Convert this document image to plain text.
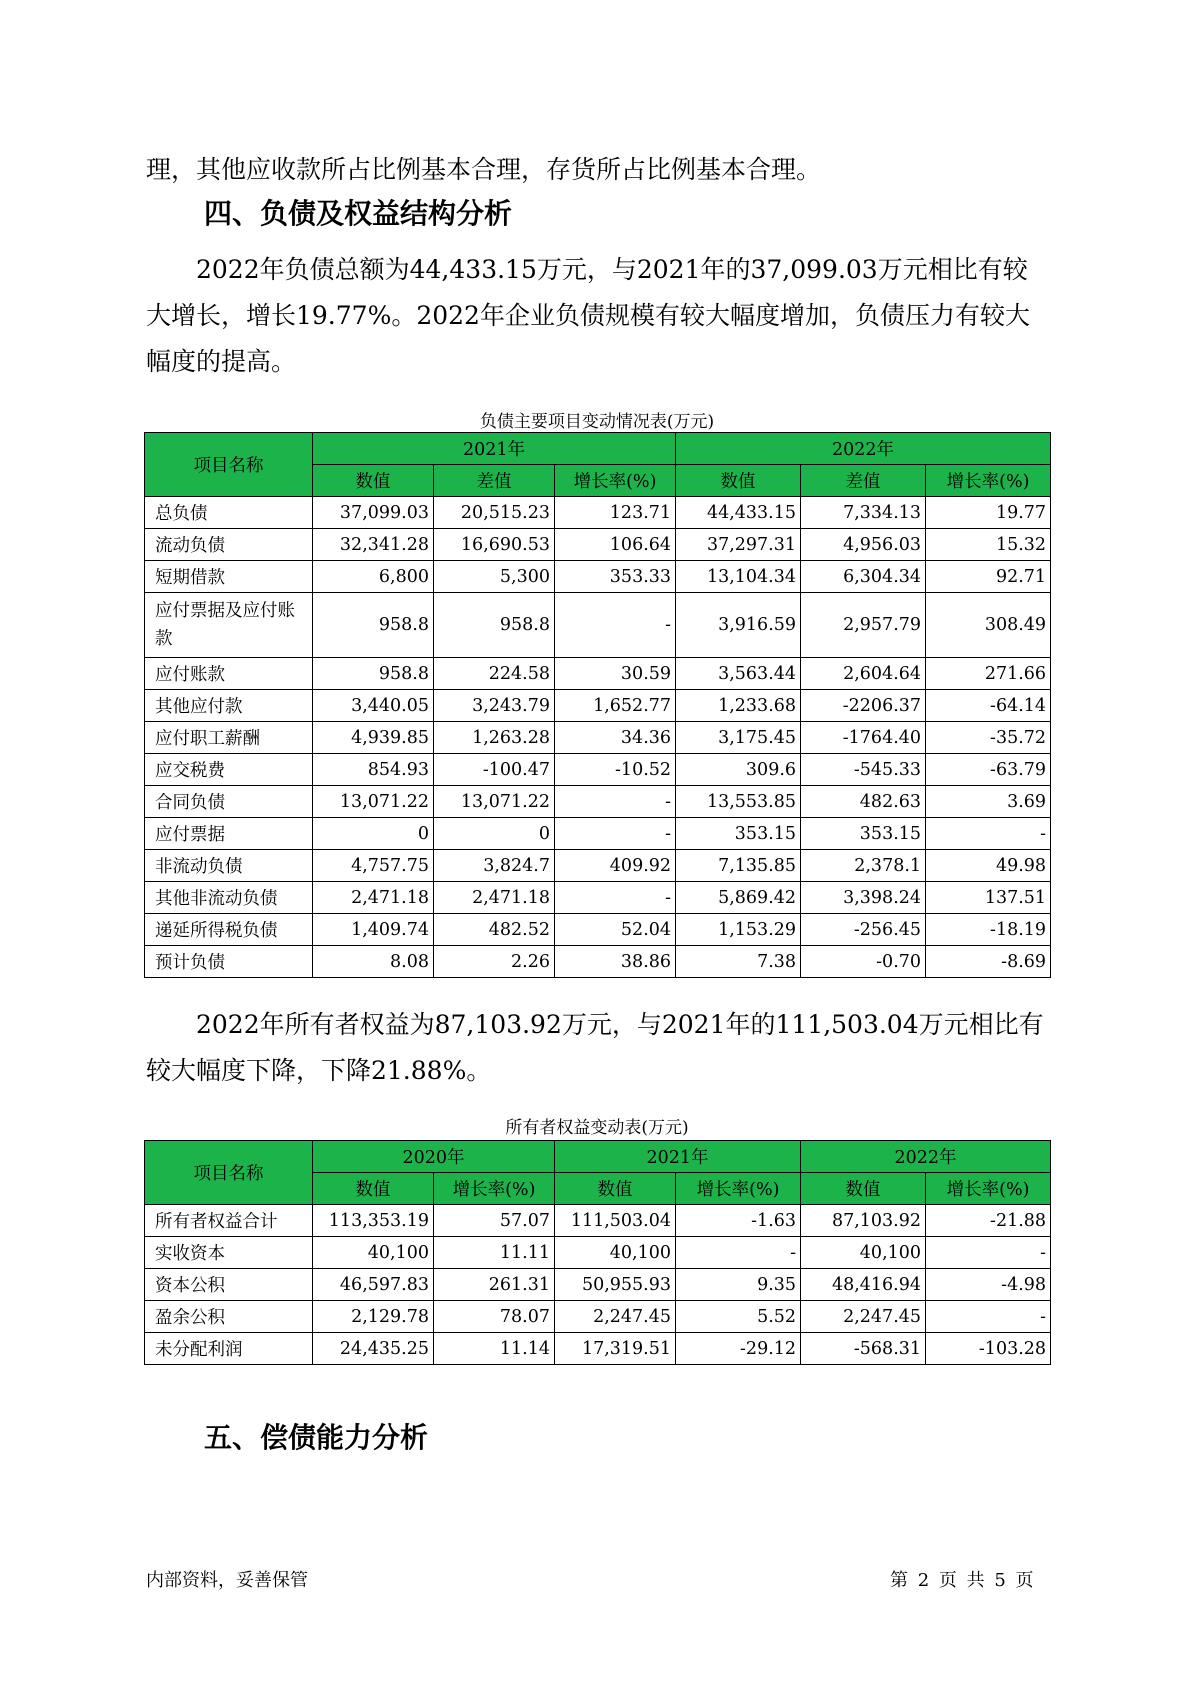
理，其他应收款所占比例基本合理，存货所占比例基本合理。

四、负债及权益结构分析

2022年负债总额为44,433.15万元，与2021年的37,099.03万元相比有较大增长，增长19.77%。2022年企业负债规模有较大幅度增加，负债压力有较大幅度的提高。

负债主要项目变动情况表(万元)
项目名称	2021年			2022年		
	数值	差值	增长率(%)	数值	差值	增长率(%)
总负债	37,099.03	20,515.23	123.71	44,433.15	7,334.13	19.77
流动负债	32,341.28	16,690.53	106.64	37,297.31	4,956.03	15.32
短期借款	6,800	5,300	353.33	13,104.34	6,304.34	92.71
应付票据及应付账款	958.8	958.8	-	3,916.59	2,957.79	308.49
应付账款	958.8	224.58	30.59	3,563.44	2,604.64	271.66
其他应付款	3,440.05	3,243.79	1,652.77	1,233.68	-2206.37	-64.14
应付职工薪酬	4,939.85	1,263.28	34.36	3,175.45	-1764.40	-35.72
应交税费	854.93	-100.47	-10.52	309.6	-545.33	-63.79
合同负债	13,071.22	13,071.22	-	13,553.85	482.63	3.69
应付票据	0	0	-	353.15	353.15	-
非流动负债	4,757.75	3,824.7	409.92	7,135.85	2,378.1	49.98
其他非流动负债	2,471.18	2,471.18	-	5,869.42	3,398.24	137.51
递延所得税负债	1,409.74	482.52	52.04	1,153.29	-256.45	-18.19
预计负债	8.08	2.26	38.86	7.38	-0.70	-8.69

2022年所有者权益为87,103.92万元，与2021年的111,503.04万元相比有较大幅度下降，下降21.88%。

所有者权益变动表(万元)
项目名称	2020年		2021年		2022年	
	数值	增长率(%)	数值	增长率(%)	数值	增长率(%)
所有者权益合计	113,353.19	57.07	111,503.04	-1.63	87,103.92	-21.88
实收资本	40,100	11.11	40,100	-	40,100	-
资本公积	46,597.83	261.31	50,955.93	9.35	48,416.94	-4.98
盈余公积	2,129.78	78.07	2,247.45	5.52	2,247.45	-
未分配利润	24,435.25	11.14	17,319.51	-29.12	-568.31	-103.28
五、偿债能力分析
内部资料，妥善保管	第 2 页 共 5 页
